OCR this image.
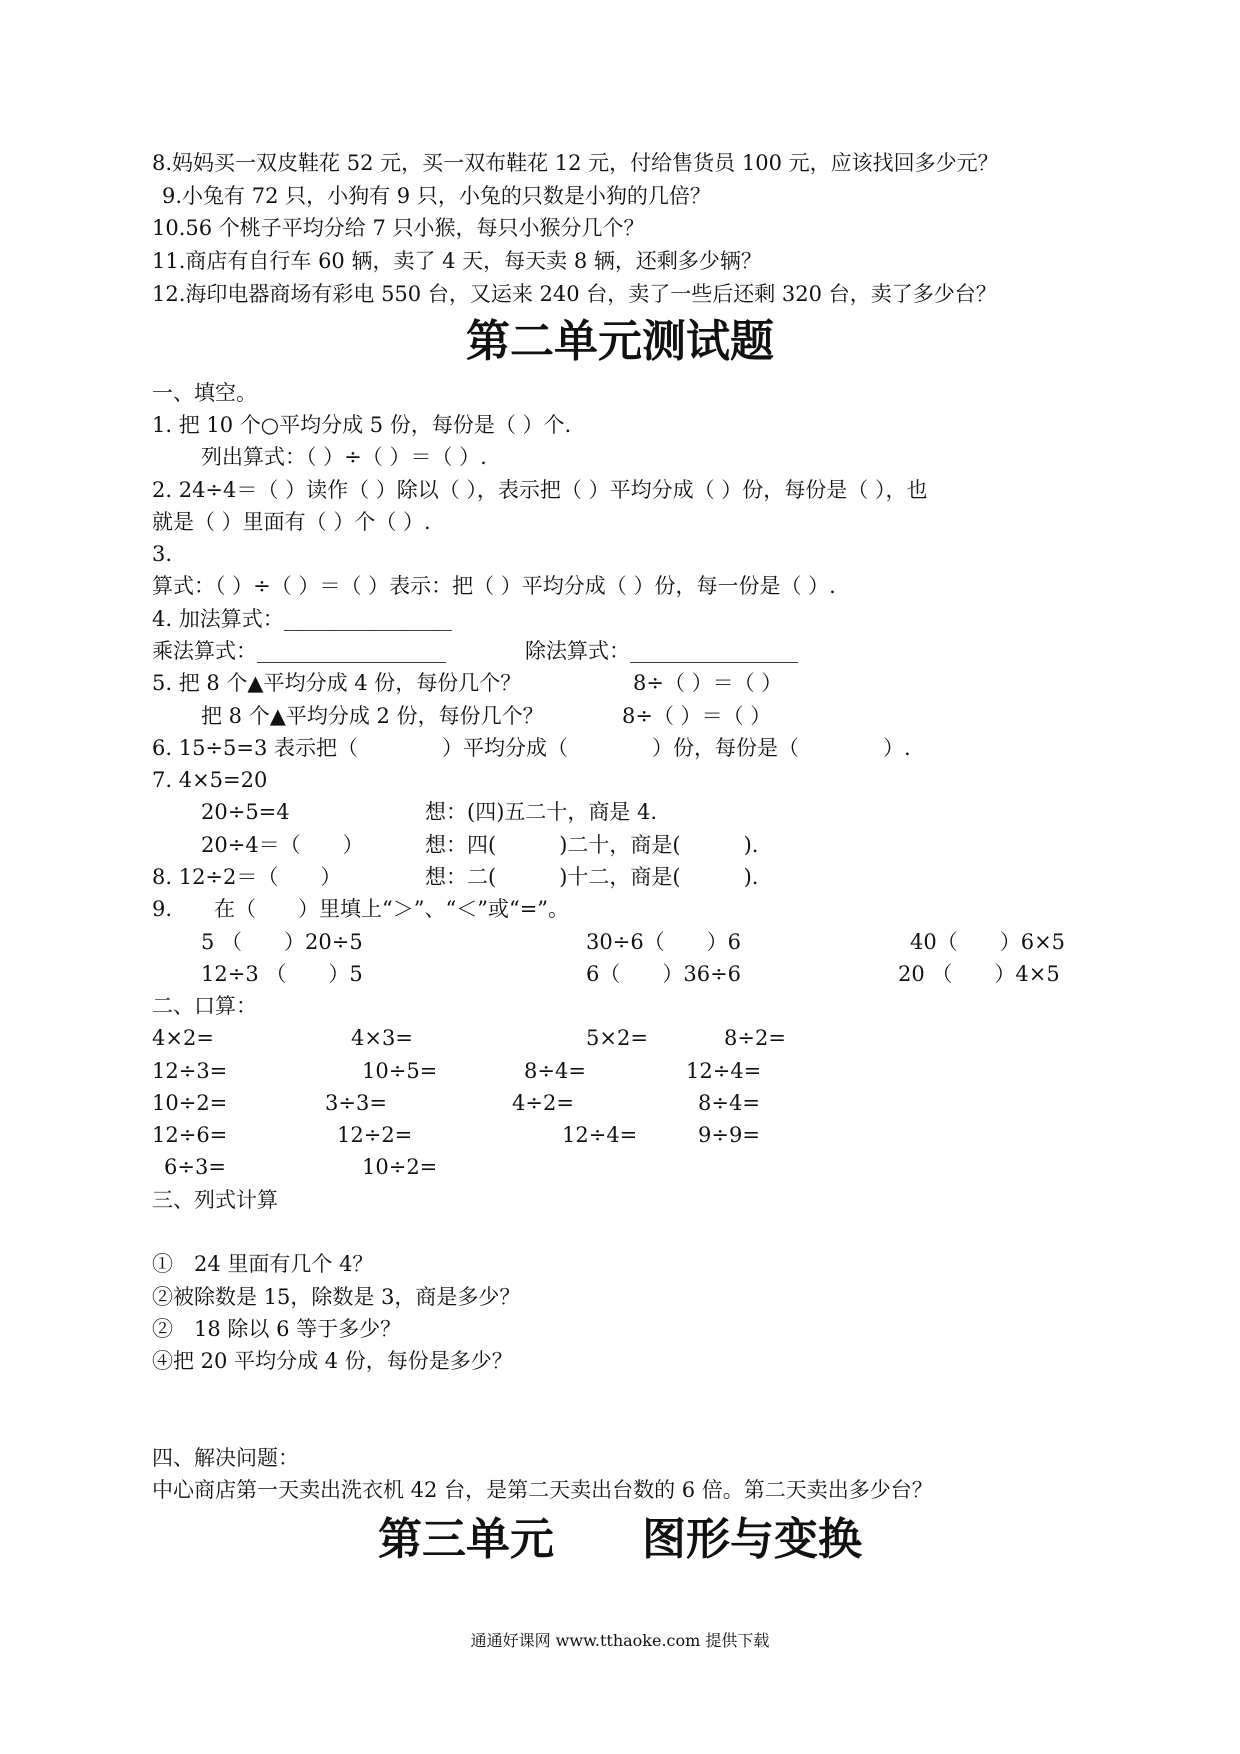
8.妈妈买一双皮鞋花 52 元，买一双布鞋花 12 元，付给售货员 100 元，应该找回多少元？
9.小兔有 72 只，小狗有 9 只，小兔的只数是小狗的几倍？
10.56 个桃子平均分给 7 只小猴，每只小猴分几个？
11.商店有自行车 60 辆，卖了 4 天，每天卖 8 辆，还剩多少辆？
12.海印电器商场有彩电 550 台，又运来 240 台，卖了一些后还剩 320 台，卖了多少台？
第二单元测试题
一、填空。
1. 把 10 个○平均分成 5 份，每份是（ ）个.
列出算式：（ ）÷（ ）＝（ ）.
2. 24÷4＝（ ）读作（ ）除以（ ），表示把（ ）平均分成（ ）份，每份是（ ），也
就是（ ）里面有（ ）个（ ）.
3.
算式：（ ）÷（ ）＝（ ）表示：把（ ）平均分成（ ）份，每一份是（ ）.
4. 加法算式：________________
乘法算式：__________________	除法算式：________________
5. 把 8 个▲平均分成 4 份，每份几个？	8÷（ ）＝（ ）
把 8 个▲平均分成 2 份，每份几个？	8÷（ ）＝（ ）
6. 15÷5=3 表示把（　　　　）平均分成（　　　　）份，每份是（　　　　）.
7. 4×5=20
20÷5=4	想：(四)五二十，商是 4.
20÷4＝（　　）	想：四(　　　)二十，商是(　　　).
8. 12÷2＝（　　）	想：二(　　　)十二，商是(　　　).
9.　　在（　　）里填上“＞”、“＜”或“=”。
5 （　　）20÷5	30÷6（　　）6	40（　　）6×5
12÷3 （　　）5	6（　　）36÷6	20 （　　）4×5
二、口算：
4×2=	4×3=	5×2=	8÷2=
12÷3=	10÷5=	8÷4=	12÷4=
10÷2=	3÷3=	4÷2=	8÷4=
12÷6=	12÷2=	12÷4=	9÷9=
6÷3=	10÷2=
三、列式计算
①　24 里面有几个 4？
②被除数是 15，除数是 3，商是多少？
②　18 除以 6 等于多少？
④把 20 平均分成 4 份，每份是多少？
四、解决问题：
中心商店第一天卖出洗衣机 42 台，是第二天卖出台数的 6 倍。第二天卖出多少台？
第三单元　　图形与变换
通通好课网 www.tthaoke.com 提供下载
